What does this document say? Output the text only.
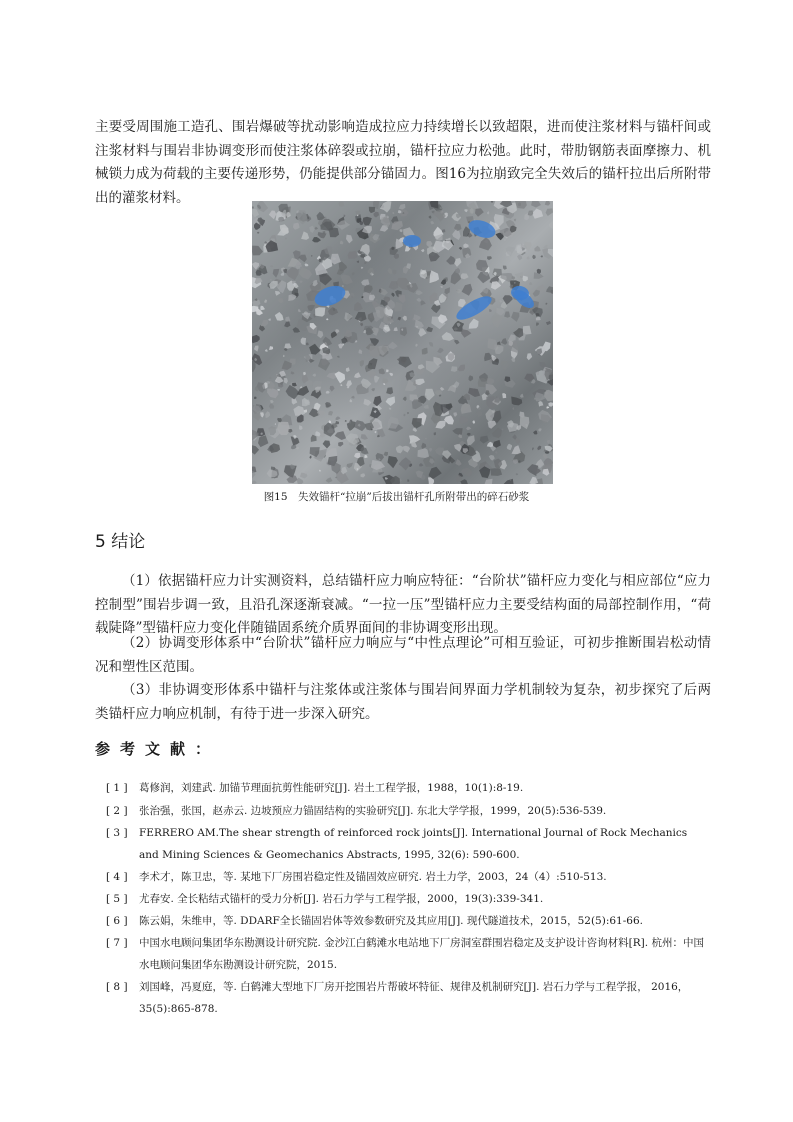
主要受周围施工造孔、围岩爆破等扰动影响造成拉应力持续增长以致超限，进而使注浆材料与锚杆间或注浆材料与围岩非协调变形而使注浆体碎裂或拉崩，锚杆拉应力松弛。此时，带肋钢筋表面摩擦力、机械锁力成为荷载的主要传递形势，仍能提供部分锚固力。图16为拉崩致完全失效后的锚杆拉出后所附带出的灌浆材料。

图15　失效锚杆“拉崩”后拔出锚杆孔所附带出的碎石砂浆

5 结论

（1）依据锚杆应力计实测资料，总结锚杆应力响应特征：“台阶状”锚杆应力变化与相应部位“应力控制型”围岩步调一致，且沿孔深逐渐衰减。“一拉一压”型锚杆应力主要受结构面的局部控制作用，“荷载陡降”型锚杆应力变化伴随锚固系统介质界面间的非协调变形出现。

（2）协调变形体系中“台阶状”锚杆应力响应与“中性点理论”可相互验证，可初步推断围岩松动情况和塑性区范围。

（3）非协调变形体系中锚杆与注浆体或注浆体与围岩间界面力学机制较为复杂，初步探究了后两类锚杆应力响应机制，有待于进一步深入研究。

参考文献：
[ 1 ]	葛修润，刘建武. 加锚节理面抗剪性能研究[J]. 岩土工程学报，1988，10(1):8-19.
[ 2 ]	张治强，张国，赵赤云. 边坡预应力锚固结构的实验研究[J]. 东北大学学报，1999，20(5):536-539.
[ 3 ]	FERRERO AM.The shear strength of reinforced rock joints[J]. International Journal of Rock Mechanics and Mining Sciences & Geomechanics Abstracts, 1995, 32(6): 590-600.
[ 4 ]	李术才，陈卫忠，等. 某地下厂房围岩稳定性及锚固效应研究. 岩土力学，2003，24（4）:510-513.
[ 5 ]	尤春安. 全长粘结式锚杆的受力分析[J]. 岩石力学与工程学报，2000，19(3):339-341.
[ 6 ]	陈云娟，朱维申，等. DDARF全长锚固岩体等效参数研究及其应用[J]. 现代隧道技术，2015，52(5):61-66.
[ 7 ]	中国水电顾问集团华东勘测设计研究院. 金沙江白鹤滩水电站地下厂房洞室群围岩稳定及支护设计咨询材料[R]. 杭州：中国水电顾问集团华东勘测设计研究院，2015.
[ 8 ]	刘国峰，冯夏庭，等. 白鹤滩大型地下厂房开挖围岩片帮破坏特征、规律及机制研究[J]. 岩石力学与工程学报， 2016，35(5):865-878.
